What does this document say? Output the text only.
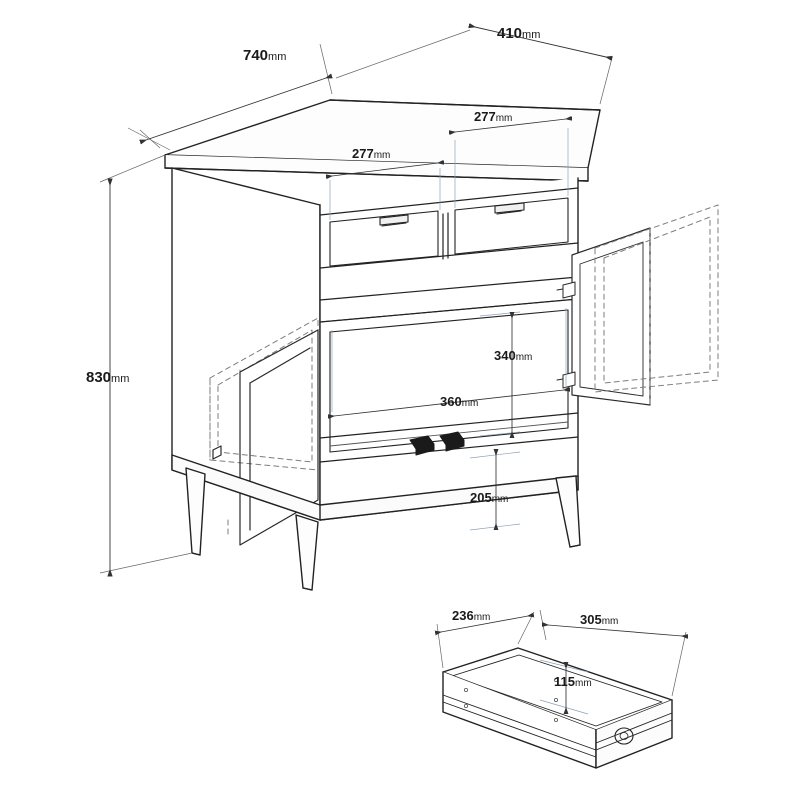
740mm
410mm
277mm
277mm
830mm
340mm
360mm
205mm
236mm	305mm
115mm
